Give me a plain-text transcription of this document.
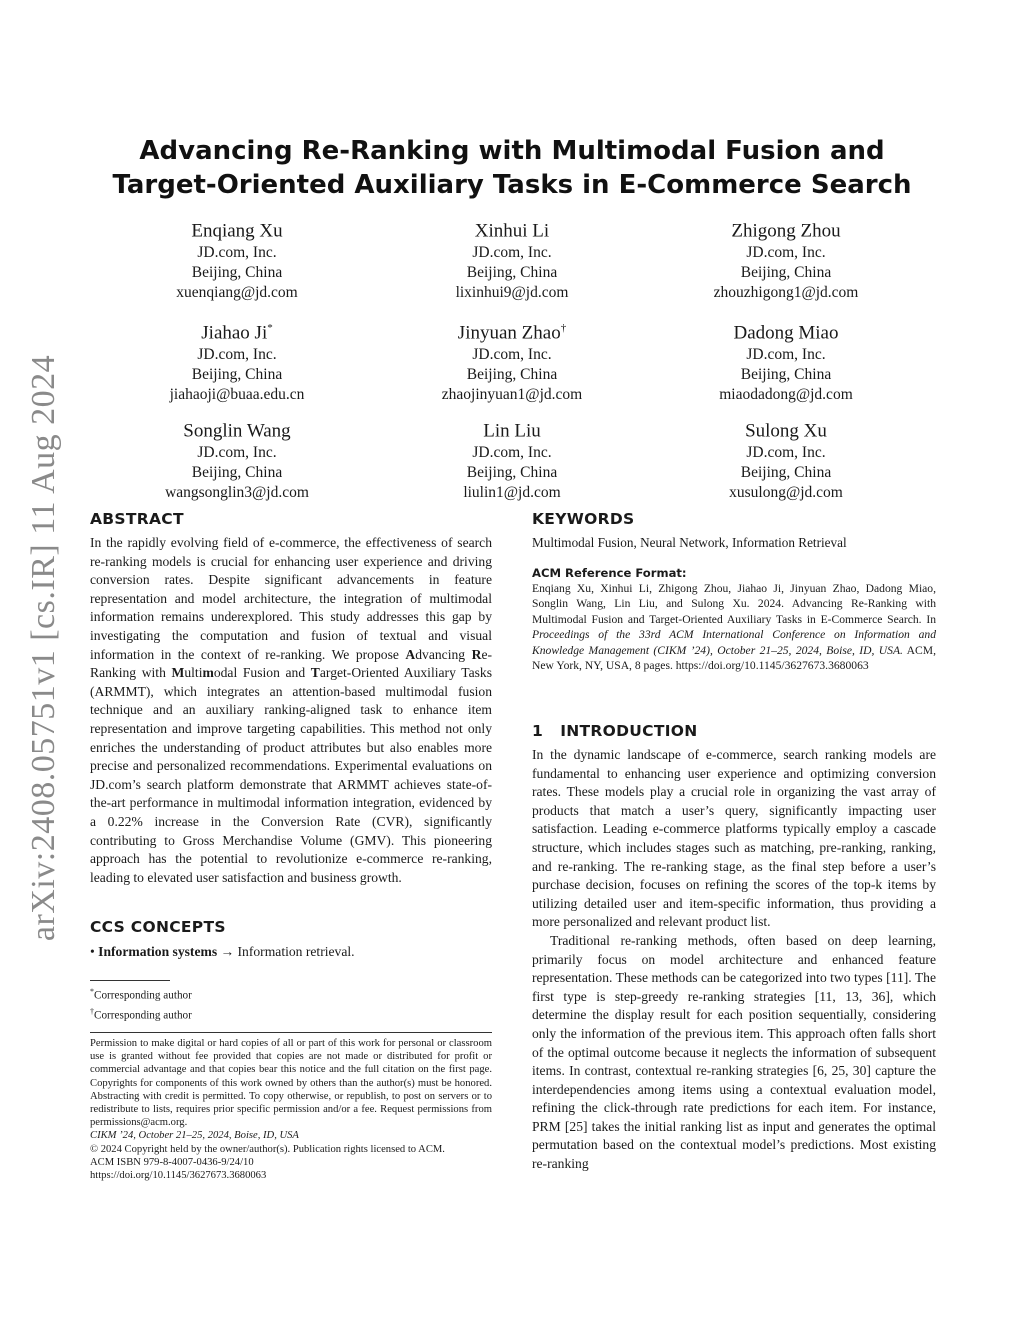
arXiv:2408.05751v1 [cs.IR] 11 Aug 2024
Advancing Re-Ranking with Multimodal Fusion and
Target-Oriented Auxiliary Tasks in E-Commerce Search
Enqiang Xu
JD.com, Inc.
Beijing, China
xuenqiang@jd.com
Xinhui Li
JD.com, Inc.
Beijing, China
lixinhui9@jd.com
Zhigong Zhou
JD.com, Inc.
Beijing, China
zhouzhigong1@jd.com
Jiahao Ji*
JD.com, Inc.
Beijing, China
jiahaoji@buaa.edu.cn
Jinyuan Zhao†
JD.com, Inc.
Beijing, China
zhaojinyuan1@jd.com
Dadong Miao
JD.com, Inc.
Beijing, China
miaodadong@jd.com
Songlin Wang
JD.com, Inc.
Beijing, China
wangsonglin3@jd.com
Lin Liu
JD.com, Inc.
Beijing, China
liulin1@jd.com
Sulong Xu
JD.com, Inc.
Beijing, China
xusulong@jd.com
ABSTRACT

In the rapidly evolving field of e-commerce, the effectiveness of search re-ranking models is crucial for enhancing user experience and driving conversion rates. Despite significant advancements in feature representation and model architecture, the integration of multimodal information remains underexplored. This study addresses this gap by investigating the computation and fusion of textual and visual information in the context of re-ranking. We propose Advancing Re-Ranking with Multimodal Fusion and Target-Oriented Auxiliary Tasks (ARMMT), which integrates an attention-based multimodal fusion technique and an auxiliary ranking-aligned task to enhance item representation and improve targeting capabilities. This method not only enriches the understanding of product attributes but also enables more precise and personalized recommendations. Experimental evaluations on JD.com’s search platform demonstrate that ARMMT achieves state-of-the-art performance in multimodal information integration, evidenced by a 0.22% increase in the Conversion Rate (CVR), significantly contributing to Gross Merchandise Volume (GMV). This pioneering approach has the potential to revolutionize e-commerce re-ranking, leading to elevated user satisfaction and business growth.

CCS CONCEPTS

• Information systems → Information retrieval.

*Corresponding author
†Corresponding author

Permission to make digital or hard copies of all or part of this work for personal or classroom use is granted without fee provided that copies are not made or distributed for profit or commercial advantage and that copies bear this notice and the full citation on the first page. Copyrights for components of this work owned by others than the author(s) must be honored. Abstracting with credit is permitted. To copy otherwise, or republish, to post on servers or to redistribute to lists, requires prior specific permission and/or a fee. Request permissions from permissions@acm.org.

CIKM ’24, October 21–25, 2024, Boise, ID, USA

© 2024 Copyright held by the owner/author(s). Publication rights licensed to ACM.

ACM ISBN 979-8-4007-0436-9/24/10

https://doi.org/10.1145/3627673.3680063

KEYWORDS

Multimodal Fusion, Neural Network, Information Retrieval

ACM Reference Format:

Enqiang Xu, Xinhui Li, Zhigong Zhou, Jiahao Ji, Jinyuan Zhao, Dadong Miao, Songlin Wang, Lin Liu, and Sulong Xu. 2024. Advancing Re-Ranking with Multimodal Fusion and Target-Oriented Auxiliary Tasks in E-Commerce Search. In Proceedings of the 33rd ACM International Conference on Information and Knowledge Management (CIKM ’24), October 21–25, 2024, Boise, ID, USA. ACM, New York, NY, USA, 8 pages. https://doi.org/10.1145/3627673.3680063

1 INTRODUCTION

In the dynamic landscape of e-commerce, search ranking models are fundamental to enhancing user experience and optimizing conversion rates. These models play a crucial role in organizing the vast array of products that match a user’s query, significantly impacting user satisfaction. Leading e-commerce platforms typically employ a cascade structure, which includes stages such as matching, pre-ranking, ranking, and re-ranking. The re-ranking stage, as the final step before a user’s purchase decision, focuses on refining the scores of the top-k items by utilizing detailed user and item-specific information, thus providing a more personalized and relevant product list.

Traditional re-ranking methods, often based on deep learning, primarily focus on model architecture and enhanced feature representation. These methods can be categorized into two types [11]. The first type is step-greedy re-ranking strategies [11, 13, 36], which determine the display result for each position sequentially, considering only the information of the previous item. This approach often falls short of the optimal outcome because it neglects the information of subsequent items. In contrast, contextual re-ranking strategies [6, 25, 30] capture the interdependencies among items using a contextual evaluation model, refining the click-through rate predictions for each item. For instance, PRM [25] takes the initial ranking list as input and generates the optimal permutation based on the contextual model’s predictions. Most existing re-ranking
